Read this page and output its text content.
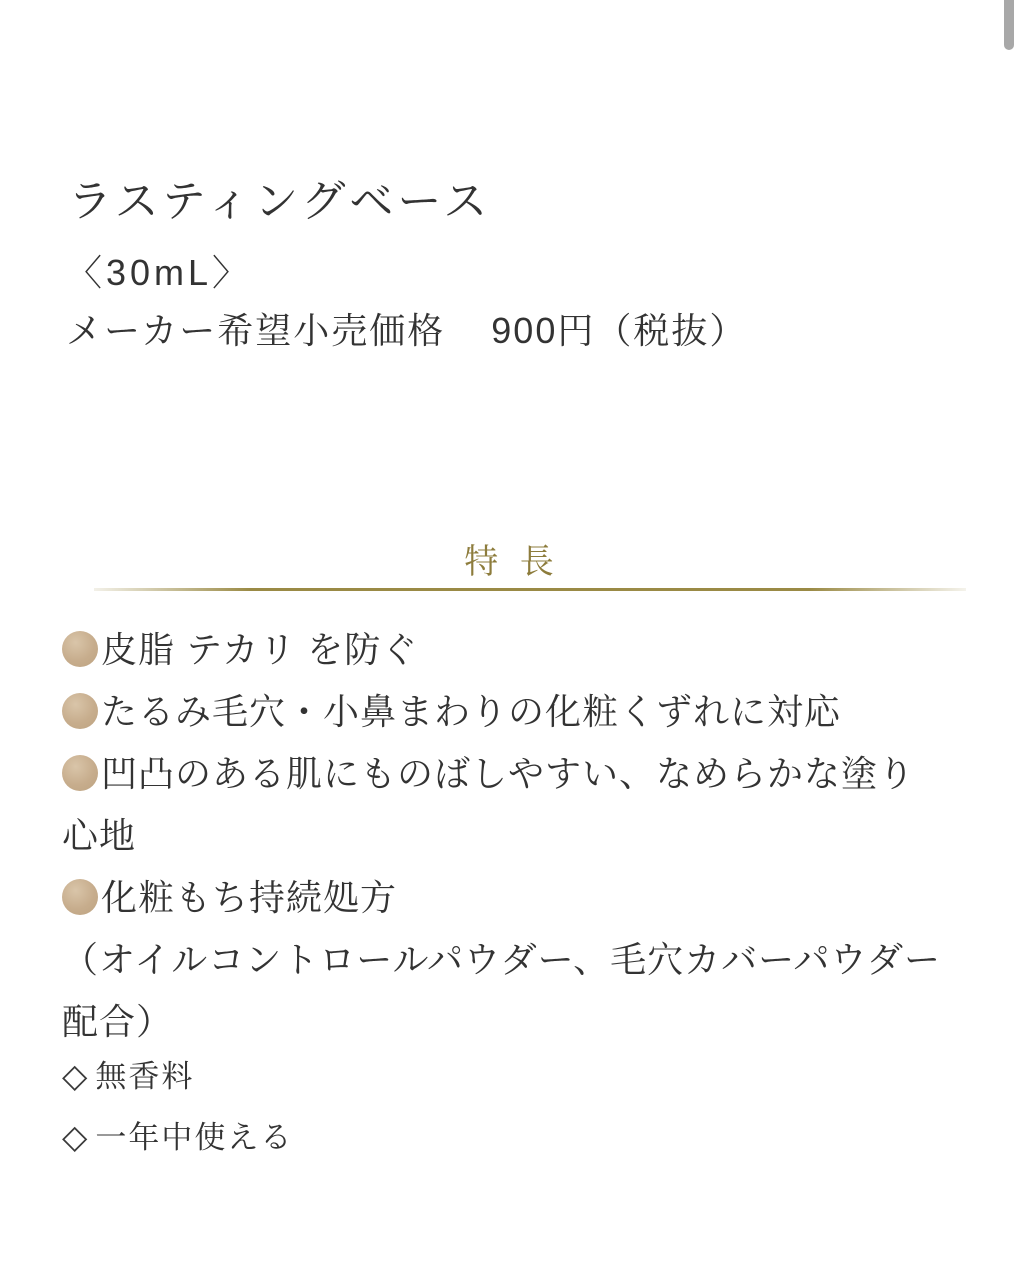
ラスティングベース
〈30mL〉
メーカー希望小売価格 900円（税抜）
特 長
皮脂 テカリ を防ぐ
たるみ毛穴・小鼻まわりの化粧くずれに対応
凹凸のある肌にものばしやすい、なめらかな塗り心地
化粧もち持続処方
（オイルコントロールパウダー、毛穴カバーパウダー配合）
◇ 無香料
◇ 一年中使える
